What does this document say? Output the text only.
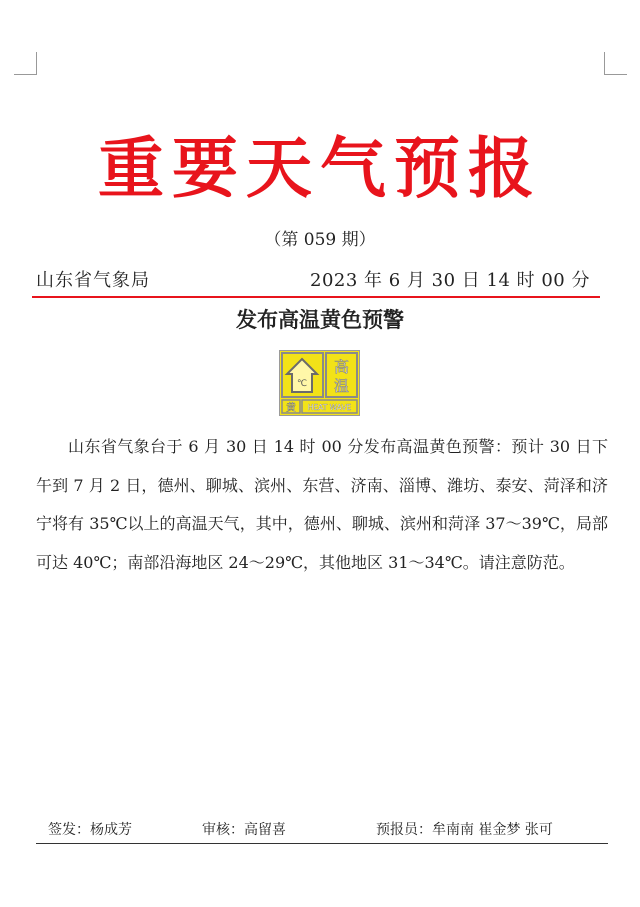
重要天气预报
（第 059 期）
山东省气象局	2023 年 6 月 30 日 14 时 00 分
发布高温黄色预警
℃
高
温
黄 HEAT WAVE
山东省气象台于 6 月 30 日 14 时 00 分发布高温黄色预警：预计 30 日下午到 7 月 2 日，德州、聊城、滨州、东营、济南、淄博、潍坊、泰安、菏泽和济宁将有 35℃以上的高温天气，其中，德州、聊城、滨州和菏泽 37～39℃，局部可达 40℃；南部沿海地区 24～29℃，其他地区 31～34℃。请注意防范。
签发：杨成芳	审核：高留喜	预报员：牟南南 崔金梦 张可
